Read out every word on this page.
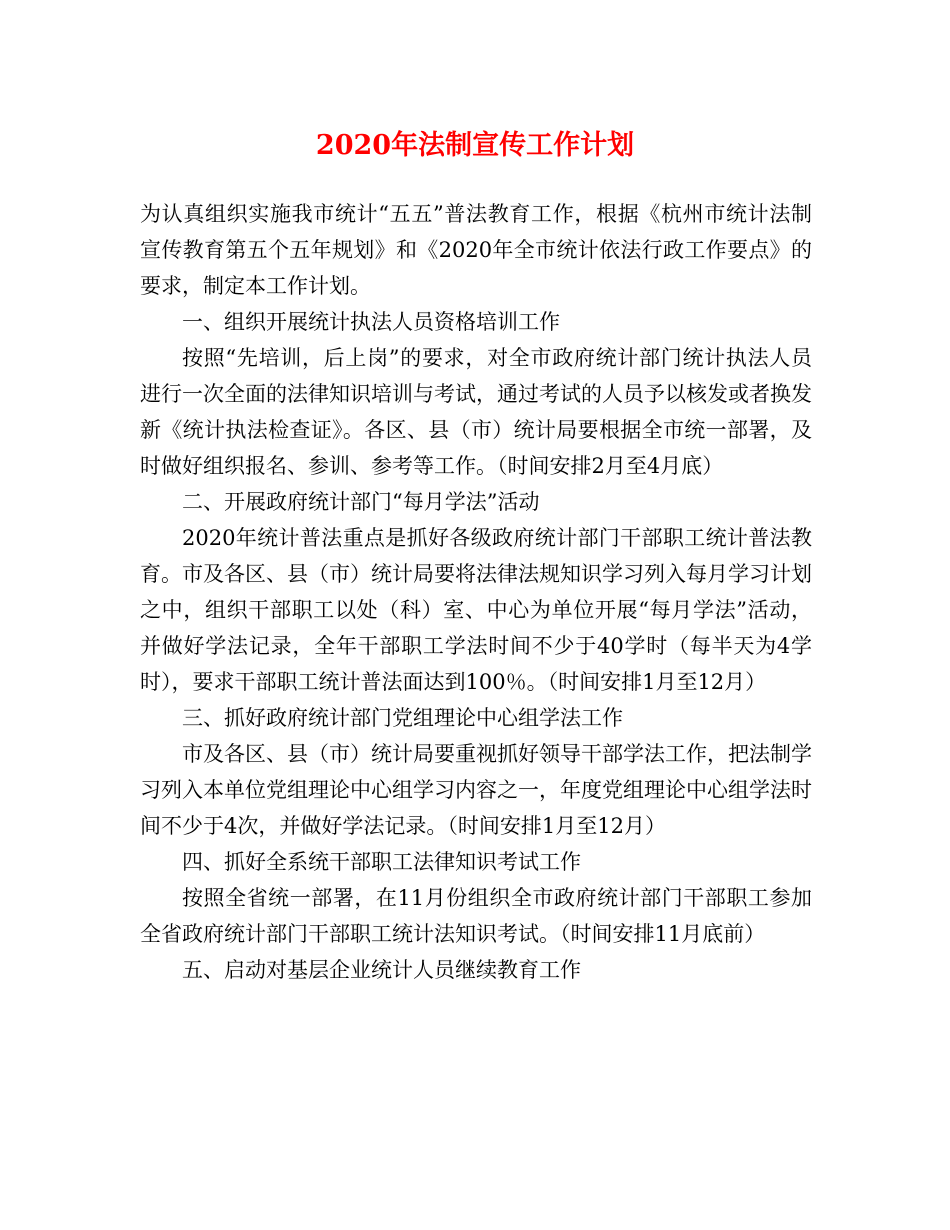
2020年法制宣传工作计划

为认真组织实施我市统计“五五”普法教育工作，根据《杭州市统计法制宣传教育第五个五年规划》和《2020年全市统计依法行政工作要点》的要求，制定本工作计划。

一、组织开展统计执法人员资格培训工作

按照“先培训，后上岗”的要求，对全市政府统计部门统计执法人员进行一次全面的法律知识培训与考试，通过考试的人员予以核发或者换发新《统计执法检查证》。各区、县（市）统计局要根据全市统一部署，及时做好组织报名、参训、参考等工作。（时间安排2月至4月底）

二、开展政府统计部门“每月学法”活动

2020年统计普法重点是抓好各级政府统计部门干部职工统计普法教育。市及各区、县（市）统计局要将法律法规知识学习列入每月学习计划之中，组织干部职工以处（科）室、中心为单位开展“每月学法”活动，并做好学法记录，全年干部职工学法时间不少于40学时（每半天为4学时），要求干部职工统计普法面达到100％。（时间安排1月至12月）

三、抓好政府统计部门党组理论中心组学法工作

市及各区、县（市）统计局要重视抓好领导干部学法工作，把法制学习列入本单位党组理论中心组学习内容之一，年度党组理论中心组学法时间不少于4次，并做好学法记录。（时间安排1月至12月）

四、抓好全系统干部职工法律知识考试工作

按照全省统一部署，在11月份组织全市政府统计部门干部职工参加全省政府统计部门干部职工统计法知识考试。（时间安排11月底前）

五、启动对基层企业统计人员继续教育工作
